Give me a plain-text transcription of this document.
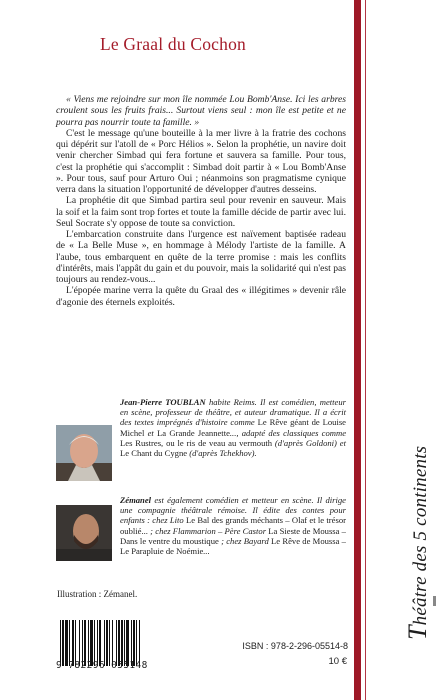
Le Graal du Cochon

« Viens me rejoindre sur mon île nommée Lou Bomb'Anse. Ici les arbres croulent sous les fruits frais... Surtout viens seul : mon île est petite et ne pourra pas nourrir toute ta famille. »

C'est le message qu'une bouteille à la mer livre à la fratrie des cochons qui dépérit sur l'atoll de « Porc Hélios ». Selon la prophétie, un navire doit venir chercher Simbad qui fera fortune et sauvera sa famille. Pour tous, c'est la prophétie qui s'accomplit : Simbad doit partir à « Lou Bomb'Anse ». Pour tous, sauf pour Arturo Oui ; néanmoins son pragmatisme cynique verra dans la situation l'opportunité de développer d'autres desseins.

La prophétie dit que Simbad partira seul pour revenir en sauveur. Mais la soif et la faim sont trop fortes et toute la famille décide de partir avec lui. Seul Socrate s'y oppose de toute sa conviction.

L'embarcation construite dans l'urgence est naïvement baptisée radeau de « La Belle Muse », en hommage à Mélody l'artiste de la famille. A l'aube, tous embarquent en quête de la terre promise : mais les conflits d'intérêts, mais l'appât du gain et du pouvoir, mais la solidarité qui n'est pas toujours au rendez-vous...

L'épopée marine verra la quête du Graal des « illégitimes » devenir râle d'agonie des éternels exploités.

Jean-Pierre TOUBLAN habite Reims. Il est comédien, metteur en scène, professeur de théâtre, et auteur dramatique. Il a écrit des textes imprégnés d'histoire comme Le Rêve géant de Louise Michel et La Grande Jeannette..., adapté des classiques comme Les Rustres, ou le ris de veau au vermouth (d'après Goldoni) et Le Chant du Cygne (d'après Tchekhov).

Zémanel est également comédien et metteur en scène. Il dirige une compagnie théâtrale rémoise. Il édite des contes pour enfants : chez Lito Le Bal des grands méchants – Olaf et le trésor oublié... ; chez Flammarion – Père Castor La Sieste de Moussa – Dans le ventre du moustique ; chez Bayard Le Rêve de Moussa – Le Parapluie de Noémie...

Illustration : Zémanel.
9 782296 055148
ISBN : 978-2-296-05514-8
10 €
Théâtre des 5 continents
